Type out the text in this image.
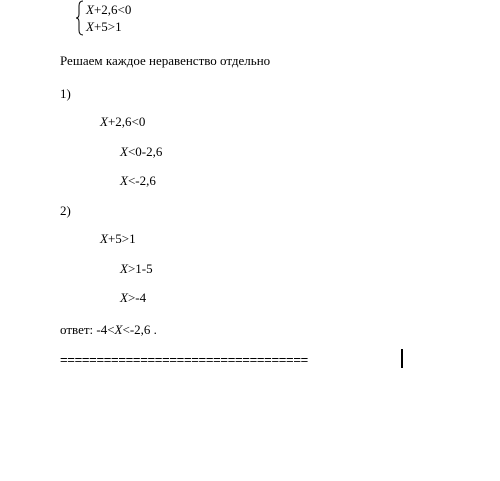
X+2,6<0
X+5>1
Решаем каждое неравенство отдельно
1)
X+2,6<0
X<0-2,6
X<-2,6
2)
X+5>1
X>1-5
X>-4
ответ: -4<X<-2,6 .
==================================
